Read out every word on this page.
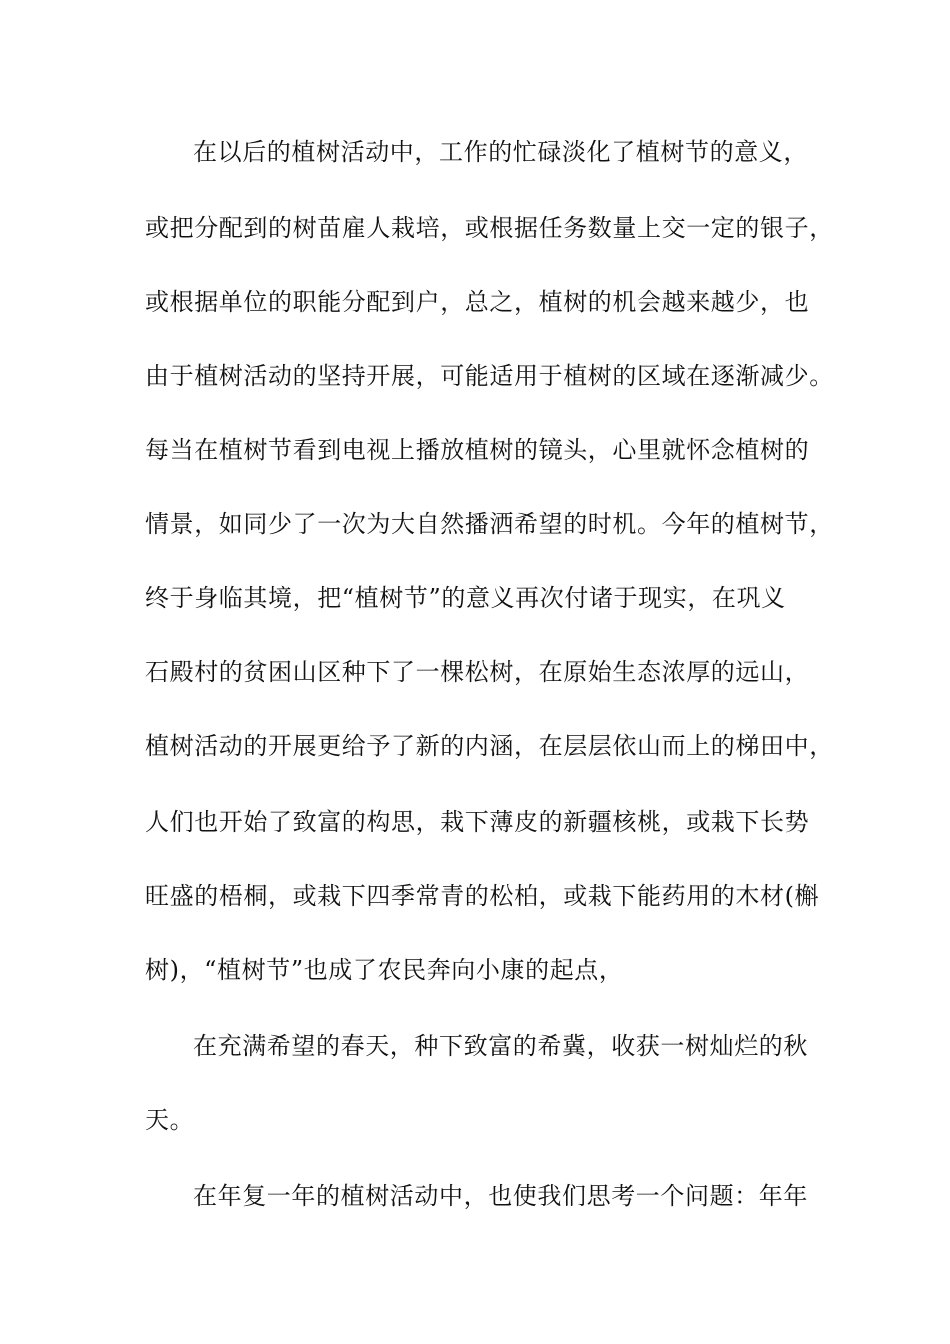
在以后的植树活动中，工作的忙碌淡化了植树节的意义，
或把分配到的树苗雇人栽培，或根据任务数量上交一定的银子，
或根据单位的职能分配到户，总之，植树的机会越来越少，也
由于植树活动的坚持开展，可能适用于植树的区域在逐渐减少。
每当在植树节看到电视上播放植树的镜头，心里就怀念植树的
情景，如同少了一次为大自然播洒希望的时机。今年的植树节，
终于身临其境，把“植树节”的意义再次付诸于现实，在巩义
石殿村的贫困山区种下了一棵松树，在原始生态浓厚的远山，
植树活动的开展更给予了新的内涵，在层层依山而上的梯田中，
人们也开始了致富的构思，栽下薄皮的新疆核桃，或栽下长势
旺盛的梧桐，或栽下四季常青的松柏，或栽下能药用的木材(槲
树)，“植树节”也成了农民奔向小康的起点，
在充满希望的春天，种下致富的希冀，收获一树灿烂的秋
天。
在年复一年的植树活动中，也使我们思考一个问题：年年
